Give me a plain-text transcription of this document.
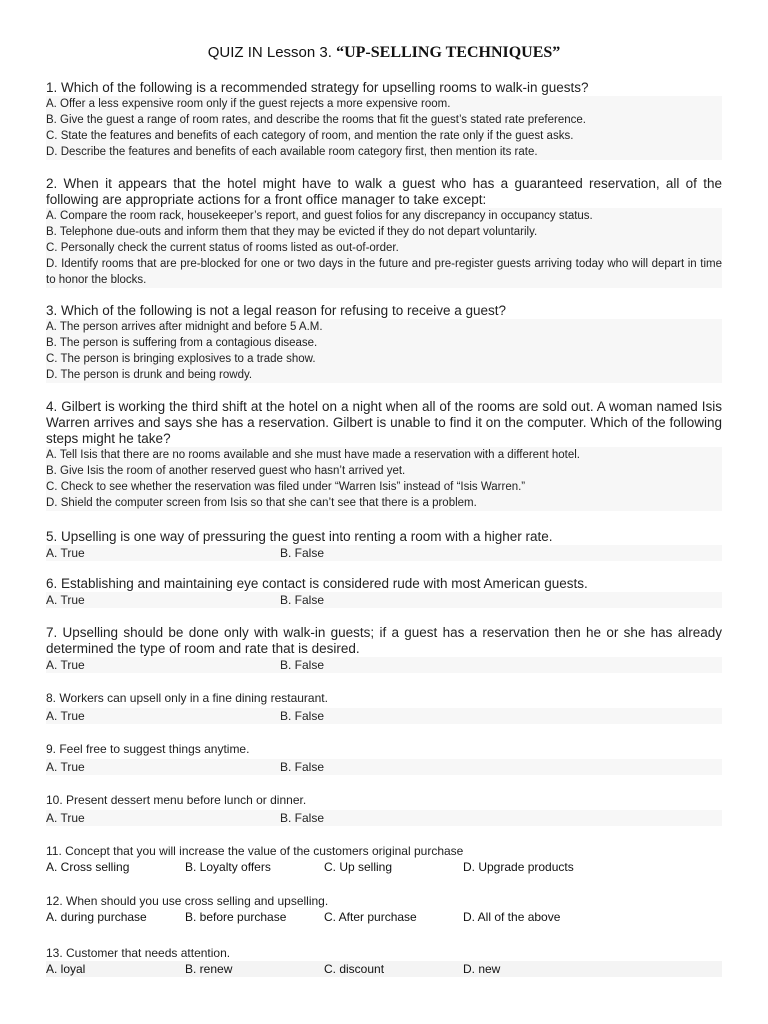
QUIZ IN Lesson 3. “UP-SELLING TECHNIQUES”
1. Which of the following is a recommended strategy for upselling rooms to walk-in guests?
A. Offer a less expensive room only if the guest rejects a more expensive room.
B. Give the guest a range of room rates, and describe the rooms that fit the guest’s stated rate preference.
C. State the features and benefits of each category of room, and mention the rate only if the guest asks.
D. Describe the features and benefits of each available room category first, then mention its rate.
2. When it appears that the hotel might have to walk a guest who has a guaranteed reservation, all of the following are appropriate actions for a front office manager to take except:
A. Compare the room rack, housekeeper’s report, and guest folios for any discrepancy in occupancy status.
B. Telephone due-outs and inform them that they may be evicted if they do not depart voluntarily.
C. Personally check the current status of rooms listed as out-of-order.
D. Identify rooms that are pre-blocked for one or two days in the future and pre-register guests arriving today who will depart in time to honor the blocks.
3. Which of the following is not a legal reason for refusing to receive a guest?
A. The person arrives after midnight and before 5 A.M.
B. The person is suffering from a contagious disease.
C. The person is bringing explosives to a trade show.
D. The person is drunk and being rowdy.
4. Gilbert is working the third shift at the hotel on a night when all of the rooms are sold out. A woman named Isis Warren arrives and says she has a reservation. Gilbert is unable to find it on the computer. Which of the following steps might he take?
A. Tell Isis that there are no rooms available and she must have made a reservation with a different hotel.
B. Give Isis the room of another reserved guest who hasn’t arrived yet.
C. Check to see whether the reservation was filed under “Warren Isis” instead of “Isis Warren.”
D. Shield the computer screen from Isis so that she can’t see that there is a problem.
5. Upselling is one way of pressuring the guest into renting a room with a higher rate.
A. True	B. False
6. Establishing and maintaining eye contact is considered rude with most American guests.
A. True	B. False
7. Upselling should be done only with walk-in guests; if a guest has a reservation then he or she has already determined the type of room and rate that is desired.
A. True	B. False
8. Workers can upsell only in a fine dining restaurant.
A. True	B. False
9. Feel free to suggest things anytime.
A. True	B. False
10. Present dessert menu before lunch or dinner.
A. True	B. False
11. Concept that you will increase the value of the customers original purchase
A. Cross selling	B. Loyalty offers	C. Up selling	D. Upgrade products
12. When should you use cross selling and upselling.
A. during purchase	B. before purchase	C. After purchase	D. All of the above
13. Customer that needs attention.
A. loyal	B. renew	C. discount	D. new
